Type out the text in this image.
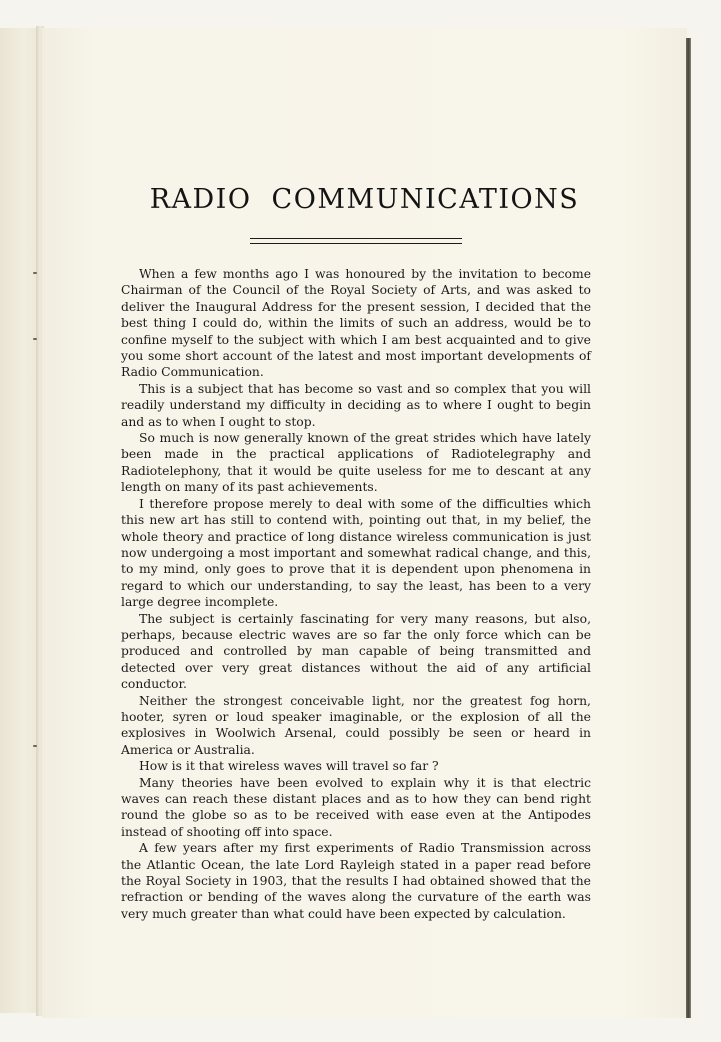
RADIO COMMUNICATIONS

When a few months ago I was honoured by the invitation to become Chairman of the Council of the Royal Society of Arts, and was asked to deliver the Inaugural Address for the present session, I decided that the best thing I could do, within the limits of such an address, would be to confine myself to the subject with which I am best acquainted and to give you some short account of the latest and most important developments of Radio Communication.

This is a subject that has become so vast and so complex that you will readily understand my difficulty in deciding as to where I ought to begin and as to when I ought to stop.

So much is now generally known of the great strides which have lately been made in the practical applications of Radiotelegraphy and Radiotelephony, that it would be quite useless for me to descant at any length on many of its past achievements.

I therefore propose merely to deal with some of the difficulties which this new art has still to contend with, pointing out that, in my belief, the whole theory and practice of long distance wireless communication is just now undergoing a most important and somewhat radical change, and this, to my mind, only goes to prove that it is dependent upon phenomena in regard to which our understanding, to say the least, has been to a very large degree incomplete.

The subject is certainly fascinating for very many reasons, but also, perhaps, because electric waves are so far the only force which can be produced and controlled by man capable of being transmitted and detected over very great distances without the aid of any artificial conductor.

Neither the strongest conceivable light, nor the greatest fog horn, hooter, syren or loud speaker imaginable, or the explosion of all the explosives in Woolwich Arsenal, could possibly be seen or heard in America or Australia.

How is it that wireless waves will travel so far ?

Many theories have been evolved to explain why it is that electric waves can reach these distant places and as to how they can bend right round the globe so as to be received with ease even at the Antipodes instead of shooting off into space.

A few years after my first experiments of Radio Transmission across the Atlantic Ocean, the late Lord Rayleigh stated in a paper read before the Royal Society in 1903, that the results I had obtained showed that the refraction or bending of the waves along the curvature of the earth was very much greater than what could have been expected by calculation.
